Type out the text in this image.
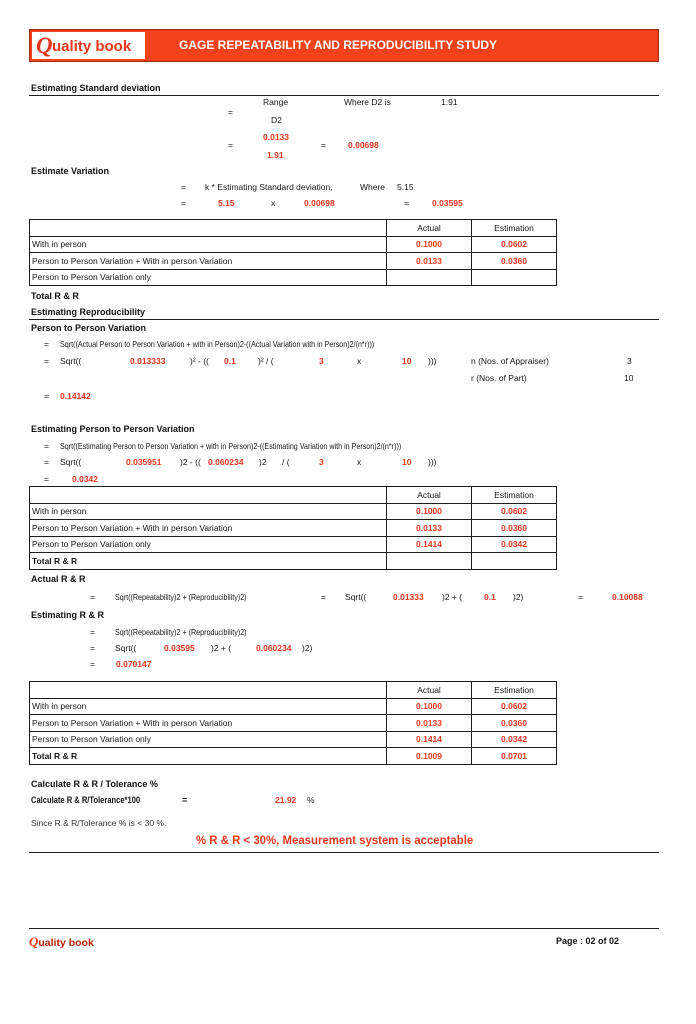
Q uality book	GAGE REPEATABILITY AND REPRODUCIBILITY STUDY
Estimating Standard deviation
=
Range
D2
Where D2 is	1.91
=
0.0133
1.91
=	0.00698
Estimate Variation
= k * Estimating Standard deviation,	Where 5.15
=	5.15	x	0.00698	=	0.03595
	Actual	Estimation
With in person	0.1000	0.0602
Person to Person Variation + With in person Variation	0.0133	0.0360
Person to Person Variation only		
Total R & R
Estimating Reproducibility
Person to Person Variation
= Sqrt((Actual Person to Person Variation + with in Person)2-((Actual Variation with in Person)2/(n*r)))
= Sqrt((	0.013333	)² - (( 0.1	)² / (	3	x	10 )))	n (Nos. of Appraiser)	3
r (Nos. of Part)	10
= 0.14142
Estimating Person to Person Variation
= Sqrt((Estimating Person to Person Variation + with in Person)2-((Estimating Variation with in Person)2/(n*r)))
= Sqrt((	0.035951 )2 - (( 0.060234 )2 / (	3	x	10 )))
=	0.0342
	Actual	Estimation
With in person	0.1000	0.0602
Person to Person Variation + With in person Variation	0.0133	0.0360
Person to Person Variation only	0.1414	0.0342
Total R & R		
Actual R & R
= Sqrt((Repeatability)2 + (Reproducibility)2)	= Sqrt((	0.01333 )2 + (	0.1 )2)	=	0.10088
Estimating R & R
= Sqrt((Repeatability)2 + (Reproducibility)2)
= Sqrt((	0.03595 )2 + (	0.060234 )2)
= 0.070147
	Actual	Estimation
With in person	0.1000	0.0602
Person to Person Variation + With in person Variation	0.0133	0.0360
Person to Person Variation only	0.1414	0.0342
Total R & R	0.1009	0.0701
Calculate R & R / Tolerance %
Calculate R & R/Tolerance*100	=	21.92 %
Since R & R/Tolerance % is < 30 %.
% R & R < 30%, Measurement system is acceptable
Quality book	Page : 02 of 02
